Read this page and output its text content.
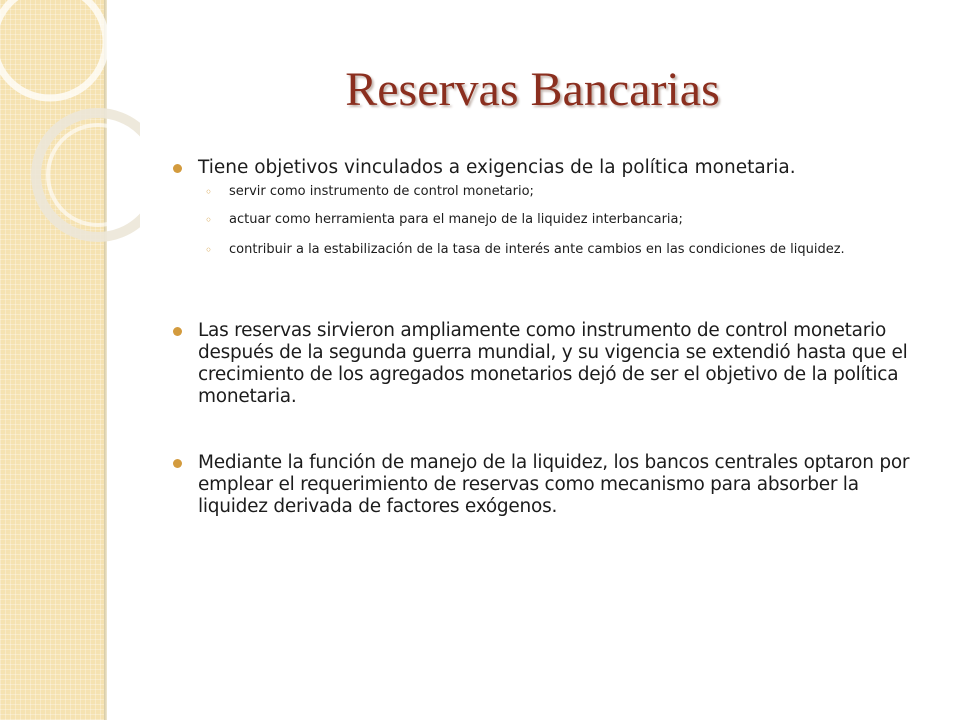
Reservas Bancarias

Tiene objetivos vinculados a exigencias de la política monetaria.

◦ servir como instrumento de control monetario;

◦ actuar como herramienta para el manejo de la liquidez interbancaria;

◦ contribuir a la estabilización de la tasa de interés ante cambios en las condiciones de liquidez.

Las reservas sirvieron ampliamente como instrumento de control monetario después de la segunda guerra mundial, y su vigencia se extendió hasta que el crecimiento de los agregados monetarios dejó de ser el objetivo de la política monetaria.

Mediante la función de manejo de la liquidez, los bancos centrales optaron por emplear el requerimiento de reservas como mecanismo para absorber la liquidez derivada de factores exógenos.
